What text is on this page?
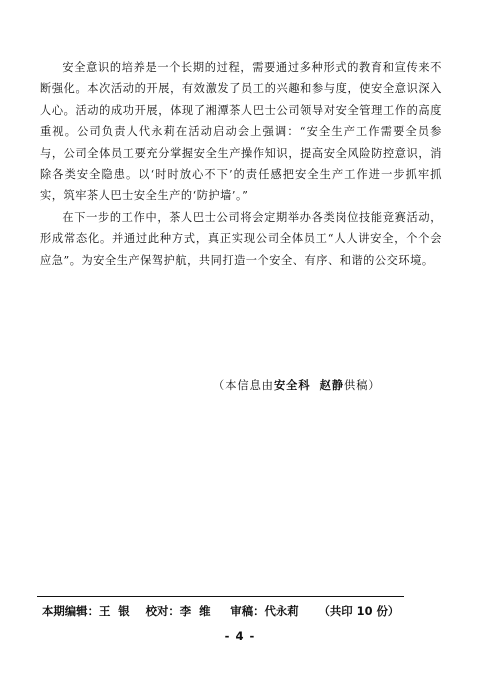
安全意识的培养是一个长期的过程，需要通过多种形式的教育和宣传来不断强化。本次活动的开展，有效激发了员工的兴趣和参与度，使安全意识深入人心。活动的成功开展，体现了湘潭茶人巴士公司领导对安全管理工作的高度重视。公司负责人代永莉在活动启动会上强调：“安全生产工作需要全员参与，公司全体员工要充分掌握安全生产操作知识，提高安全风险防控意识，消除各类安全隐患。以‘时时放心不下’的责任感把安全生产工作进一步抓牢抓实，筑牢茶人巴士安全生产的‘防护墙’。”

在下一步的工作中，茶人巴士公司将会定期举办各类岗位技能竞赛活动，形成常态化。并通过此种方式，真正实现公司全体员工“人人讲安全，个个会应急”。为安全生产保驾护航，共同打造一个安全、有序、和谐的公交环境。

（本信息由安全科 赵静供稿）
本期编辑：王  银 校对：李  维 审稿：代永莉 （共印 10 份）
- 4 -
